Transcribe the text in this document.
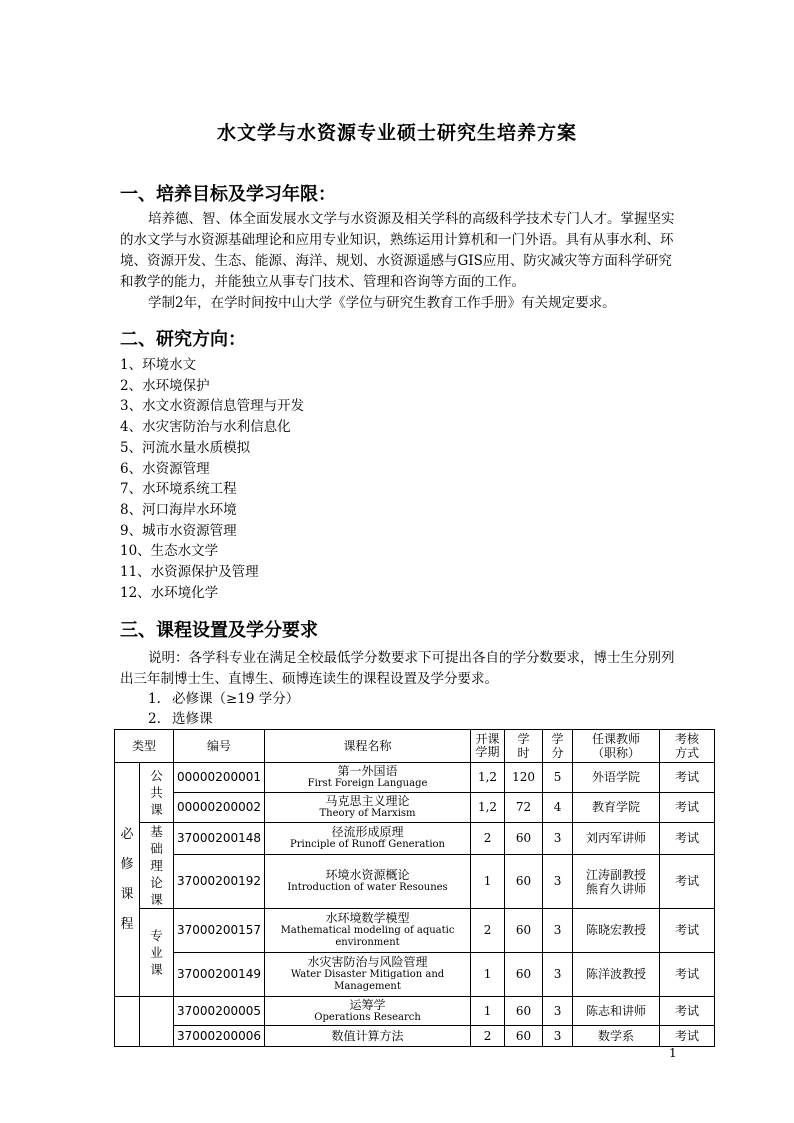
水文学与水资源专业硕士研究生培养方案
一、培养目标及学习年限：
培养德、智、体全面发展水文学与水资源及相关学科的高级科学技术专门人才。掌握坚实的水文学与水资源基础理论和应用专业知识，熟练运用计算机和一门外语。具有从事水利、环境、资源开发、生态、能源、海洋、规划、水资源遥感与GIS应用、防灾减灾等方面科学研究和教学的能力，并能独立从事专门技术、管理和咨询等方面的工作。
学制2年，在学时间按中山大学《学位与研究生教育工作手册》有关规定要求。
二、研究方向：
1、环境水文
2、水环境保护
3、水文水资源信息管理与开发
4、水灾害防治与水利信息化
5、河流水量水质模拟
6、水资源管理
7、水环境系统工程
8、河口海岸水环境
9、城市水资源管理
10、生态水文学
11、水资源保护及管理
12、水环境化学
三、课程设置及学分要求
说明：各学科专业在满足全校最低学分数要求下可提出各自的学分数要求，博士生分别列出三年制博士生、直博生、硕博连读生的课程设置及学分要求。
1. 必修课（≥19 学分）
2. 选修课
类型		编号	课程名称	开课学期	学时	学分	任课教师（职称）	考核方式
必修课程	公共课	00000200001	第一外国语
First Foreign Language	1,2	120	5	外语学院	考试
		00000200002	马克思主义理论
Theory of Marxism	1,2	72	4	教育学院	考试
	基础理论课	37000200148	径流形成原理
Principle of Runoff Generation	2	60	3	刘丙军讲师	考试
		37000200192	环境水资源概论
Introduction of water Resounes	1	60	3	江涛副教授
熊育久讲师	考试
	专业课	37000200157	水环境数学模型
Mathematical modeling of aquatic environment	2	60	3	陈晓宏教授	考试
		37000200149	水灾害防治与风险管理
Water Disaster Mitigation and Management	1	60	3	陈洋波教授	考试
		37000200005	运筹学
Operations Research	1	60	3	陈志和讲师	考试
		37000200006	数值计算方法	2	60	3	数学系	考试
1
